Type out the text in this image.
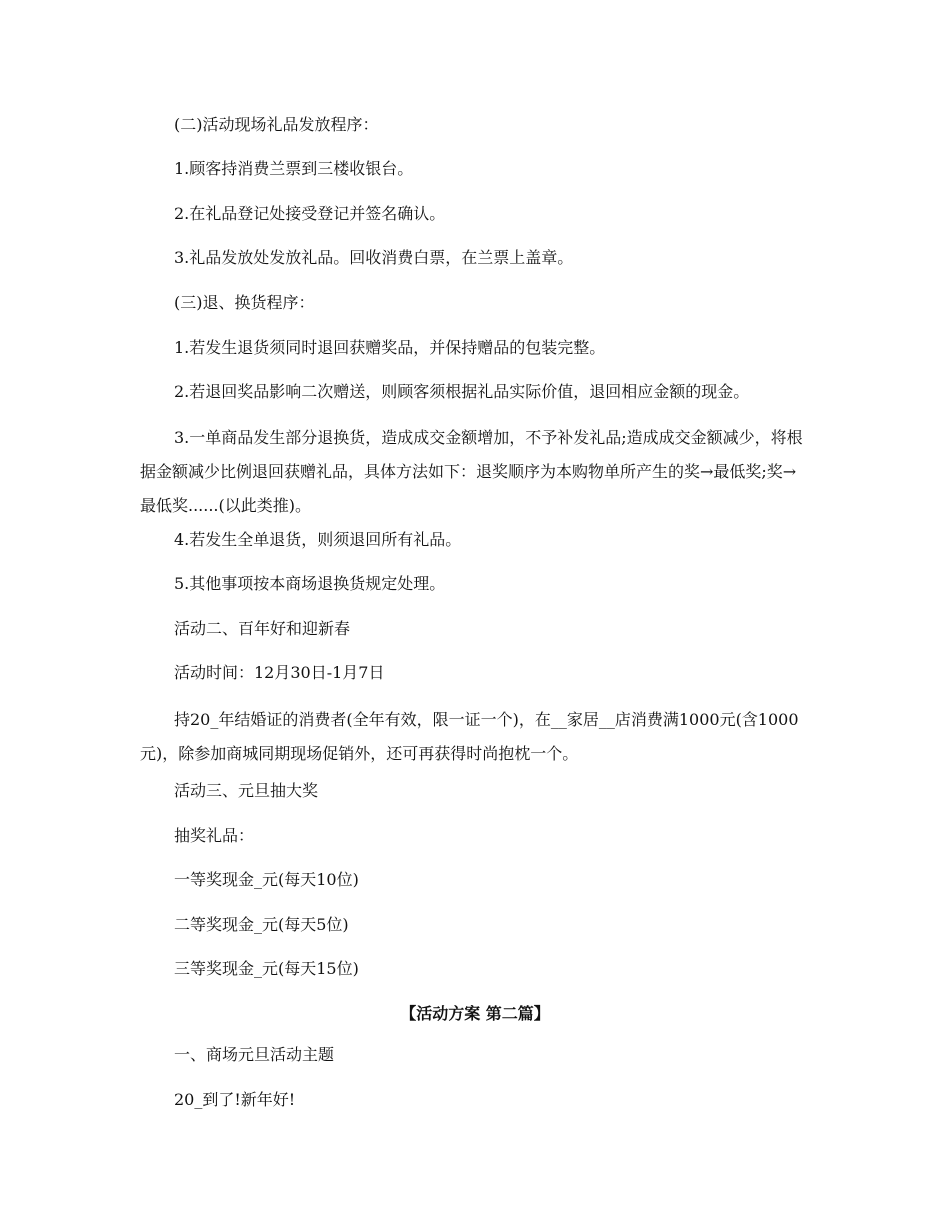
(二)活动现场礼品发放程序：
1.顾客持消费兰票到三楼收银台。
2.在礼品登记处接受登记并签名确认。
3.礼品发放处发放礼品。回收消费白票，在兰票上盖章。
(三)退、换货程序：
1.若发生退货须同时退回获赠奖品，并保持赠品的包装完整。
2.若退回奖品影响二次赠送，则顾客须根据礼品实际价值，退回相应金额的现金。
3.一单商品发生部分退换货，造成成交金额增加，不予补发礼品;造成成交金额减少，将根据金额减少比例退回获赠礼品，具体方法如下：退奖顺序为本购物单所产生的奖→最低奖;奖→最低奖......(以此类推)。
4.若发生全单退货，则须退回所有礼品。
5.其他事项按本商场退换货规定处理。
活动二、百年好和迎新春
活动时间：12月30日-1月7日
持20_年结婚证的消费者(全年有效，限一证一个)，在__家居__店消费满1000元(含1000元)，除参加商城同期现场促销外，还可再获得时尚抱枕一个。
活动三、元旦抽大奖
抽奖礼品：
一等奖现金_元(每天10位)
二等奖现金_元(每天5位)
三等奖现金_元(每天15位)
【活动方案 第二篇】
一、商场元旦活动主题
20_到了!新年好!
